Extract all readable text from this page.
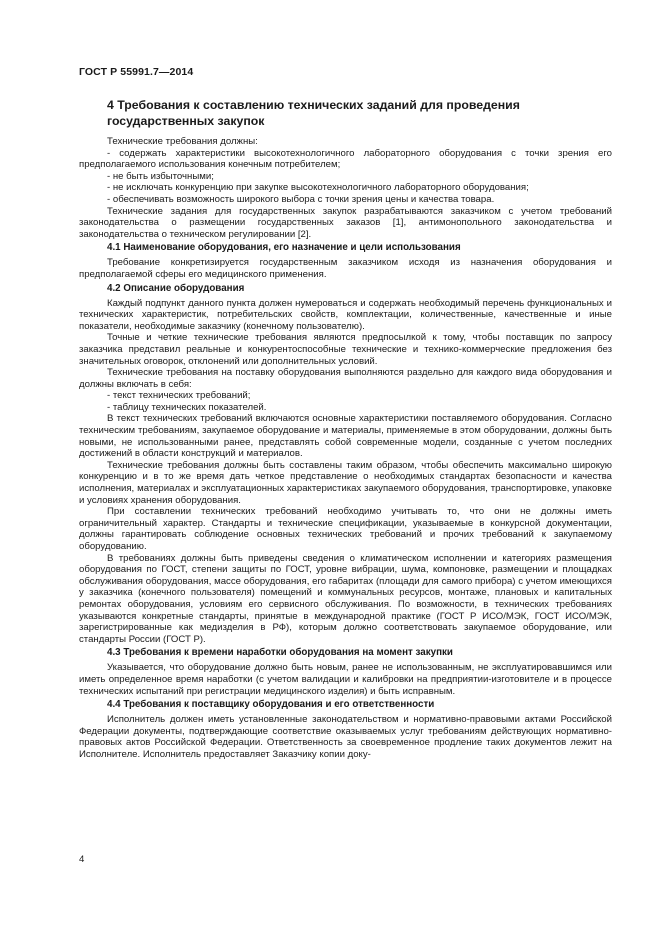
ГОСТ Р 55991.7—2014
4 Требования к составлению технических заданий для проведения государственных закупок

Технические требования должны:

- содержать характеристики высокотехнологичного лабораторного оборудования с точки зрения его предполагаемого использования конечным потребителем;

- не быть избыточными;

- не исключать конкуренцию при закупке высокотехнологичного лабораторного оборудования;

- обеспечивать возможность широкого выбора с точки зрения цены и качества товара.

Технические задания для государственных закупок разрабатываются заказчиком с учетом требований законодательства о размещении государственных заказов [1], антимонопольного законодательства и законодательства о техническом регулировании [2].

4.1 Наименование оборудования, его назначение и цели использования

Требование конкретизируется государственным заказчиком исходя из назначения оборудования и предполагаемой сферы его медицинского применения.

4.2 Описание оборудования

Каждый подпункт данного пункта должен нумероваться и содержать необходимый перечень функциональных и технических характеристик, потребительских свойств, комплектации, количественные, качественные и иные показатели, необходимые заказчику (конечному пользователю).

Точные и четкие технические требования являются предпосылкой к тому, чтобы поставщик по запросу заказчика представил реальные и конкурентоспособные технические и технико-коммерческие предложения без значительных оговорок, отклонений или дополнительных условий.

Технические требования на поставку оборудования выполняются раздельно для каждого вида оборудования и должны включать в себя:

- текст технических требований;

- таблицу технических показателей.

В текст технических требований включаются основные характеристики поставляемого оборудования. Согласно техническим требованиям, закупаемое оборудование и материалы, применяемые в этом оборудовании, должны быть новыми, не использованными ранее, представлять собой современные модели, созданные с учетом последних достижений в области конструкций и материалов.

Технические требования должны быть составлены таким образом, чтобы обеспечить максимально широкую конкуренцию и в то же время дать четкое представление о необходимых стандартах безопасности и качества исполнения, материалах и эксплуатационных характеристиках закупаемого оборудования, транспортировке, упаковке и условиях хранения оборудования.

При составлении технических требований необходимо учитывать то, что они не должны иметь ограничительный характер. Стандарты и технические спецификации, указываемые в конкурсной документации, должны гарантировать соблюдение основных технических требований и прочих требований к закупаемому оборудованию.

В требованиях должны быть приведены сведения о климатическом исполнении и категориях размещения оборудования по ГОСТ, степени защиты по ГОСТ, уровне вибрации, шума, компоновке, размещении и площадках обслуживания оборудования, массе оборудования, его габаритах (площади для самого прибора) с учетом имеющихся у заказчика (конечного пользователя) помещений и коммунальных ресурсов, монтаже, плановых и капитальных ремонтах оборудования, условиям его сервисного обслуживания. По возможности, в технических требованиях указываются конкретные стандарты, принятые в международной практике (ГОСТ Р ИСО/МЭК, ГОСТ ИСО/МЭК, зарегистрированные как медизделия в РФ), которым должно соответствовать закупаемое оборудование, или стандарты России (ГОСТ Р).

4.3 Требования к времени наработки оборудования на момент закупки

Указывается, что оборудование должно быть новым, ранее не использованным, не эксплуатировавшимся или иметь определенное время наработки (с учетом валидации и калибровки на предприятии-изготовителе и в процессе технических испытаний при регистрации медицинского изделия) и быть исправным.

4.4 Требования к поставщику оборудования и его ответственности

Исполнитель должен иметь установленные законодательством и нормативно-правовыми актами Российской Федерации документы, подтверждающие соответствие оказываемых услуг требованиям действующих нормативно-правовых актов Российской Федерации. Ответственность за своевременное продление таких документов лежит на Исполнителе. Исполнитель предоставляет Заказчику копии доку-

4
